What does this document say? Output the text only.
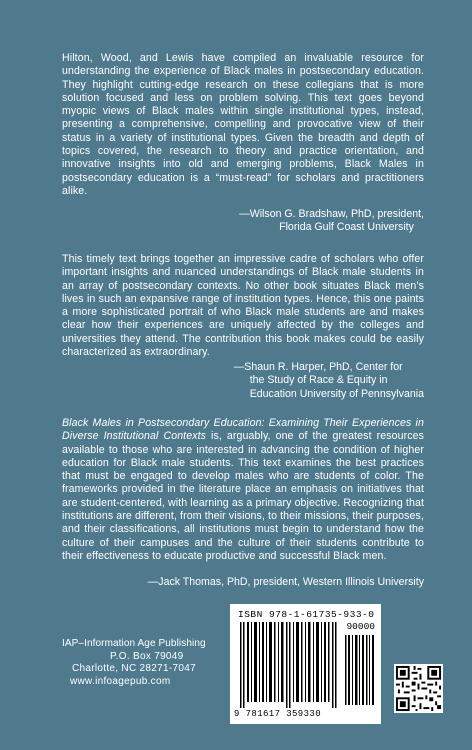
Hilton, Wood, and Lewis have compiled an invaluable resource for understanding the experience of Black males in postsecondary education. They highlight cutting-edge research on these collegians that is more solution focused and less on problem solving. This text goes beyond myopic views of Black males within single institutional types, instead, presenting a comprehensive, compelling and provocative view of their status in a variety of institutional types. Given the breadth and depth of topics covered, the research to theory and practice orientation, and innovative insights into old and emerging problems, Black Males in postsecondary education is a “must-read” for scholars and practitioners alike.

—Wilson G. Bradshaw, PhD, president,
Florida Gulf Coast University

This timely text brings together an impressive cadre of scholars who offer important insights and nuanced understandings of Black male students in an array of postsecondary contexts. No other book situates Black men’s lives in such an expansive range of institution types. Hence, this one paints a more sophisticated portrait of who Black male students are and makes clear how their experiences are uniquely affected by the colleges and universities they attend. The contribution this book makes could be easily characterized as extraordinary.

—Shaun R. Harper, PhD, Center for
the Study of Race & Equity in
Education University of Pennsylvania

Black Males in Postsecondary Education: Examining Their Experiences in Diverse Institutional Contexts is, arguably, one of the greatest resources available to those who are interested in advancing the condition of higher education for Black male students. This text examines the best practices that must be engaged to develop males who are students of color. The frameworks provided in the literature place an emphasis on initiatives that are student-centered, with learning as a primary objective. Recognizing that institutions are different, from their visions, to their missions, their purposes, and their classifications, all institutions must begin to understand how the culture of their campuses and the culture of their students contribute to their effectiveness to educate productive and successful Black men.

—Jack Thomas, PhD, president, Western Illinois University
IAP–Information Age Publishing
P.O. Box 79049
Charlotte, NC 28271-7047
www.infoagepub.com
ISBN 978-1-61735-933-0
90000
9 781617 359330
